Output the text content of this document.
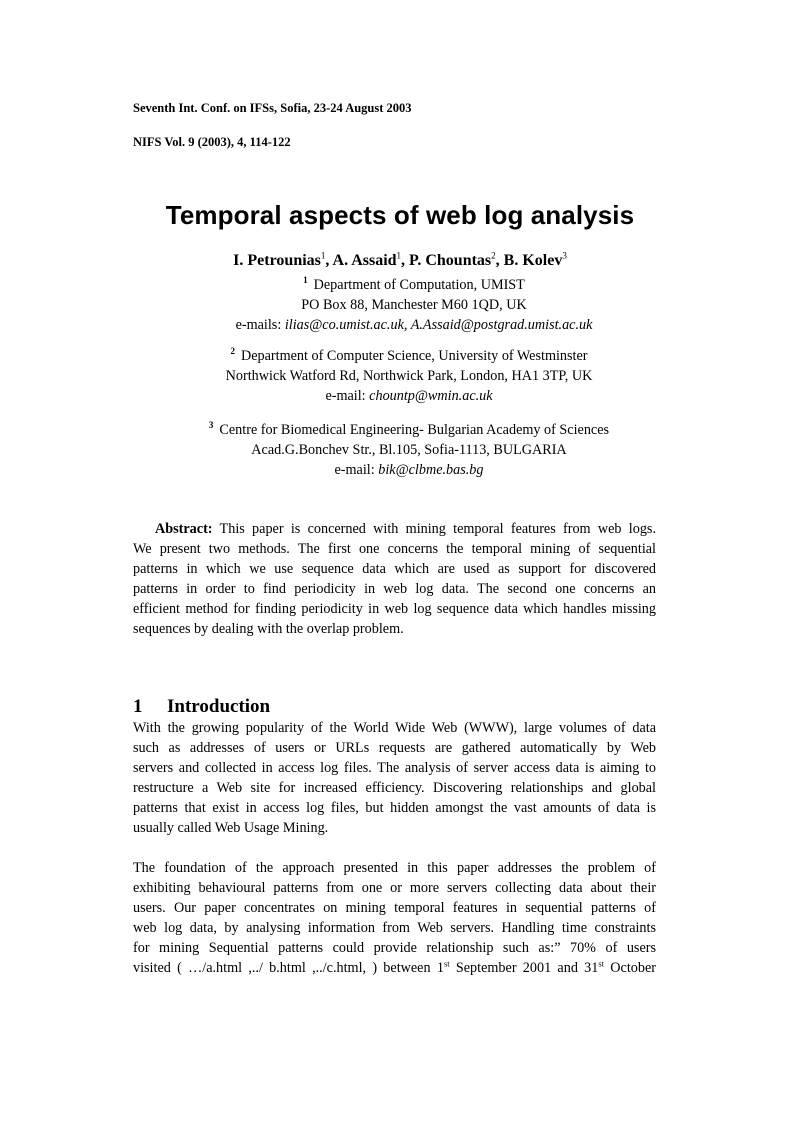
Seventh Int. Conf. on IFSs, Sofia, 23-24 August 2003
NIFS Vol. 9 (2003), 4, 114-122
Temporal aspects of web log analysis
I. Petrounias$^1$, A. Assaid$^1$, P. Chountas$^2$, B. Kolev$^3$
$^1$ Department of Computation, UMIST
PO Box 88, Manchester M60 1QD, UK
e-mails: ilias@co.umist.ac.uk, A.Assaid@postgrad.umist.ac.uk
$^2$ Department of Computer Science, University of Westminster
Northwick Watford Rd, Northwick Park, London, HA1 3TP, UK
e-mail: chountp@wmin.ac.uk
$^3$ Centre for Biomedical Engineering- Bulgarian Academy of Sciences
Acad.G.Bonchev Str., Bl.105, Sofia-1113, BULGARIA
e-mail: bik@clbme.bas.bg
Abstract: This paper is concerned with mining temporal features from web logs.
We present two methods. The first one concerns the temporal mining of sequential
patterns in which we use sequence data which are used as support for discovered
patterns in order to find periodicity in web log data. The second one concerns an
efficient method for finding periodicity in web log sequence data which handles missing
sequences by dealing with the overlap problem.
1 Introduction
With the growing popularity of the World Wide Web (WWW), large volumes of data
such as addresses of users or URLs requests are gathered automatically by Web
servers and collected in access log files. The analysis of server access data is aiming to
restructure a Web site for increased efficiency. Discovering relationships and global
patterns that exist in access log files, but hidden amongst the vast amounts of data is
usually called Web Usage Mining.
The foundation of the approach presented in this paper addresses the problem of
exhibiting behavioural patterns from one or more servers collecting data about their
users. Our paper concentrates on mining temporal features in sequential patterns of
web log data, by analysing information from Web servers. Handling time constraints
for mining Sequential patterns could provide relationship such as:” 70% of users
visited ( …/a.html ,../ b.html ,../c.html, ) between 1st September 2001 and 31st October
